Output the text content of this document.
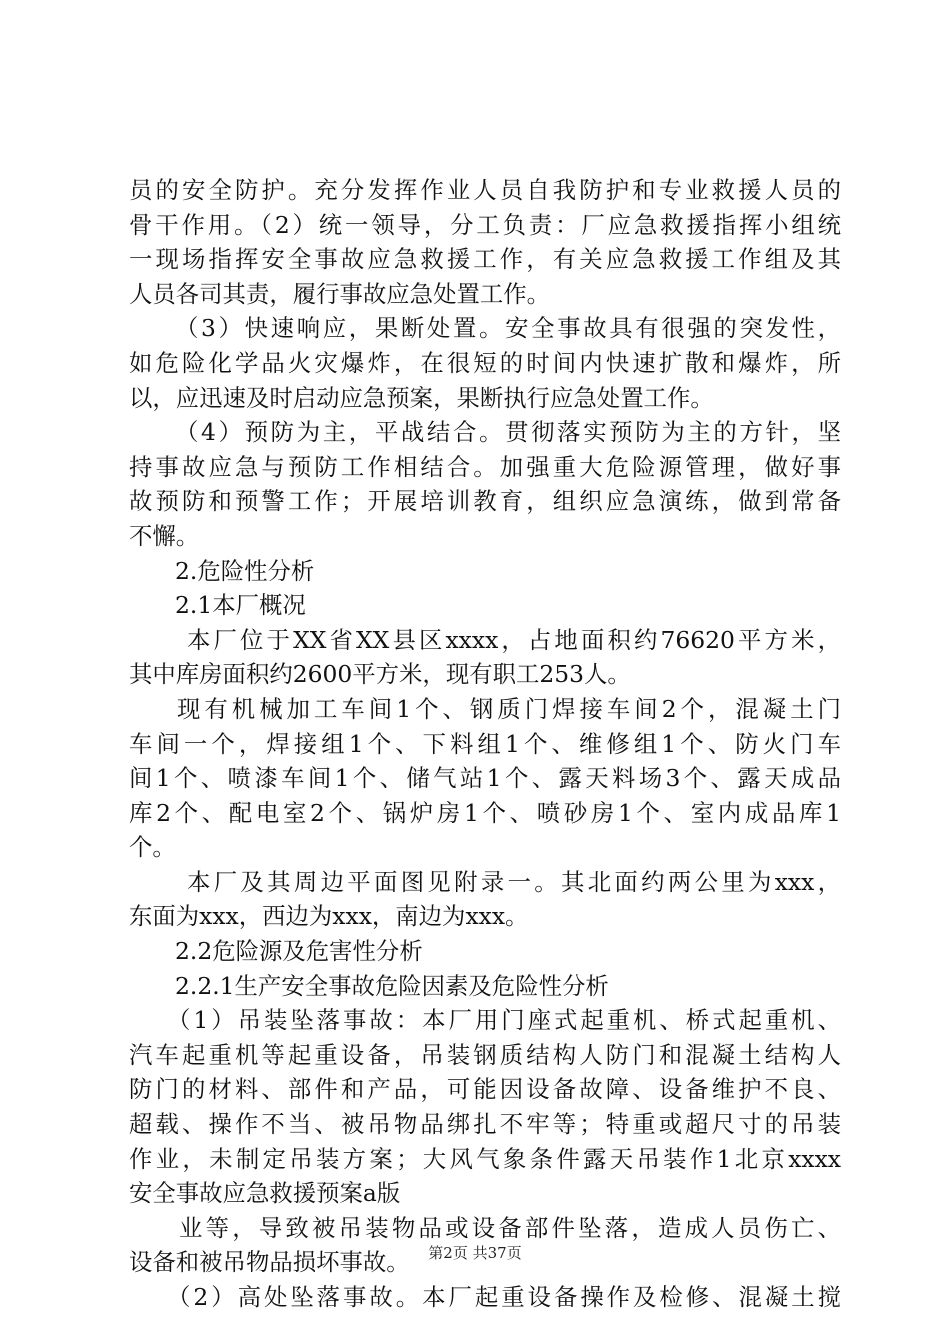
员的安全防护。充分发挥作业人员自我防护和专业救援人员的
骨干作用。（2）统一领导，分工负责：厂应急救援指挥小组统
一现场指挥安全事故应急救援工作，有关应急救援工作组及其
人员各司其责，履行事故应急处置工作。
（3）快速响应，果断处置。安全事故具有很强的突发性，
如危险化学品火灾爆炸，在很短的时间内快速扩散和爆炸，所
以，应迅速及时启动应急预案，果断执行应急处置工作。
（4）预防为主，平战结合。贯彻落实预防为主的方针，坚
持事故应急与预防工作相结合。加强重大危险源管理，做好事
故预防和预警工作；开展培训教育，组织应急演练，做到常备
不懈。
2.危险性分析
2.1本厂概况
本厂位于XX省XX县区xxxx，占地面积约76620平方米，
其中库房面积约2600平方米，现有职工253人。
现有机械加工车间1个、钢质门焊接车间2个，混凝土门
车间一个，焊接组1个、下料组1个、维修组1个、防火门车
间1个、喷漆车间1个、储气站1个、露天料场3个、露天成品
库2个、配电室2个、锅炉房1个、喷砂房1个、室内成品库1
个。
本厂及其周边平面图见附录一。其北面约两公里为xxx，
东面为xxx，西边为xxx，南边为xxx。
2.2危险源及危害性分析
2.2.1生产安全事故危险因素及危险性分析
（1）吊装坠落事故：本厂用门座式起重机、桥式起重机、
汽车起重机等起重设备，吊装钢质结构人防门和混凝土结构人
防门的材料、部件和产品，可能因设备故障、设备维护不良、
超载、操作不当、被吊物品绑扎不牢等；特重或超尺寸的吊装
作业，未制定吊装方案；大风气象条件露天吊装作1北京xxxx
安全事故应急救援预案a版
业等，导致被吊装物品或设备部件坠落，造成人员伤亡、
设备和被吊物品损坏事故。
（2）高处坠落事故。本厂起重设备操作及检修、混凝土搅
第2页 共37页
